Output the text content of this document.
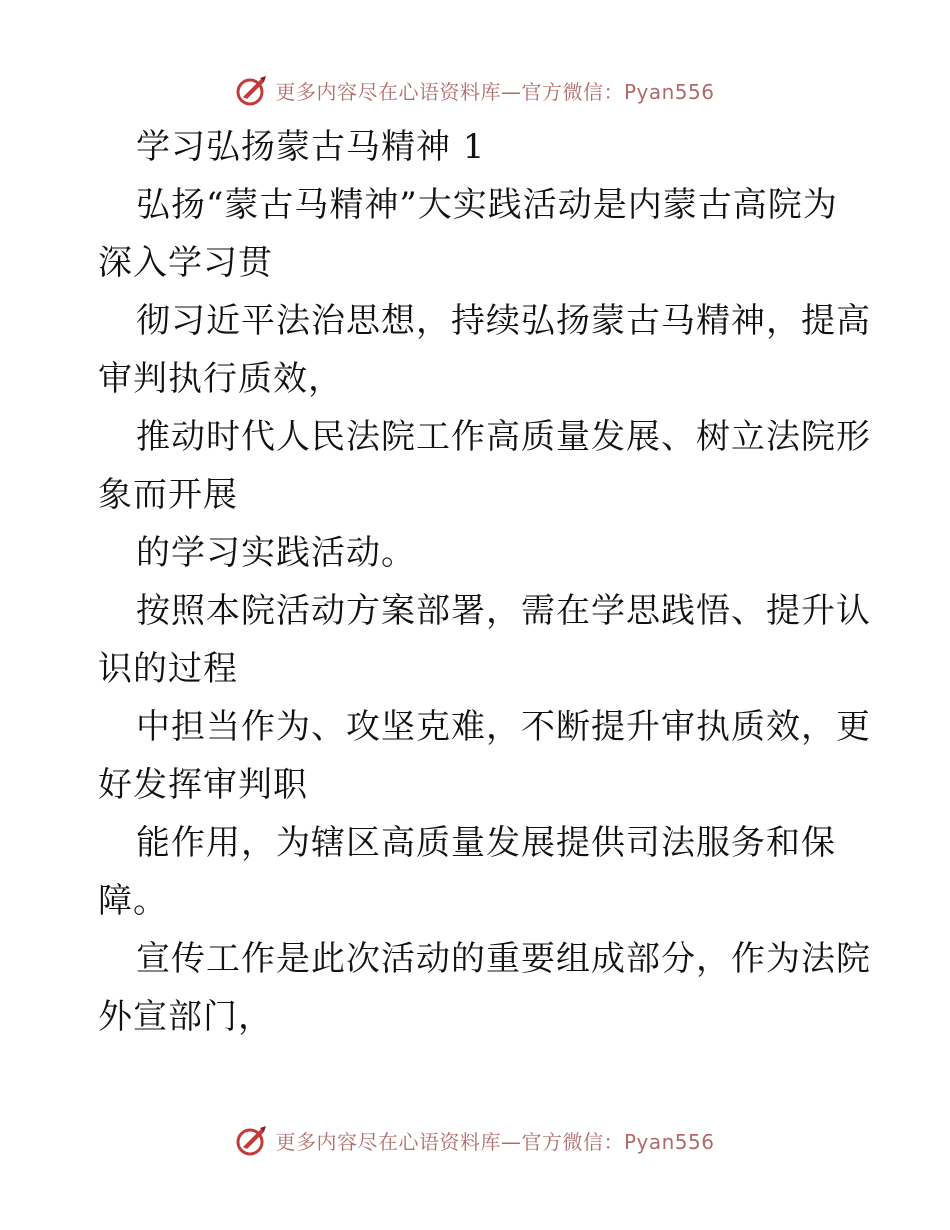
更多内容尽在心语资料库—官方微信：Pyan556
学习弘扬蒙古马精神 1
弘扬“蒙古马精神”大实践活动是内蒙古高院为
深入学习贯
彻习近平法治思想，持续弘扬蒙古马精神，提高
审判执行质效，
推动时代人民法院工作高质量发展、树立法院形
象而开展
的学习实践活动。
按照本院活动方案部署，需在学思践悟、提升认
识的过程
中担当作为、攻坚克难，不断提升审执质效，更
好发挥审判职
能作用，为辖区高质量发展提供司法服务和保
障。
宣传工作是此次活动的重要组成部分，作为法院
外宣部门，
更多内容尽在心语资料库—官方微信：Pyan556
